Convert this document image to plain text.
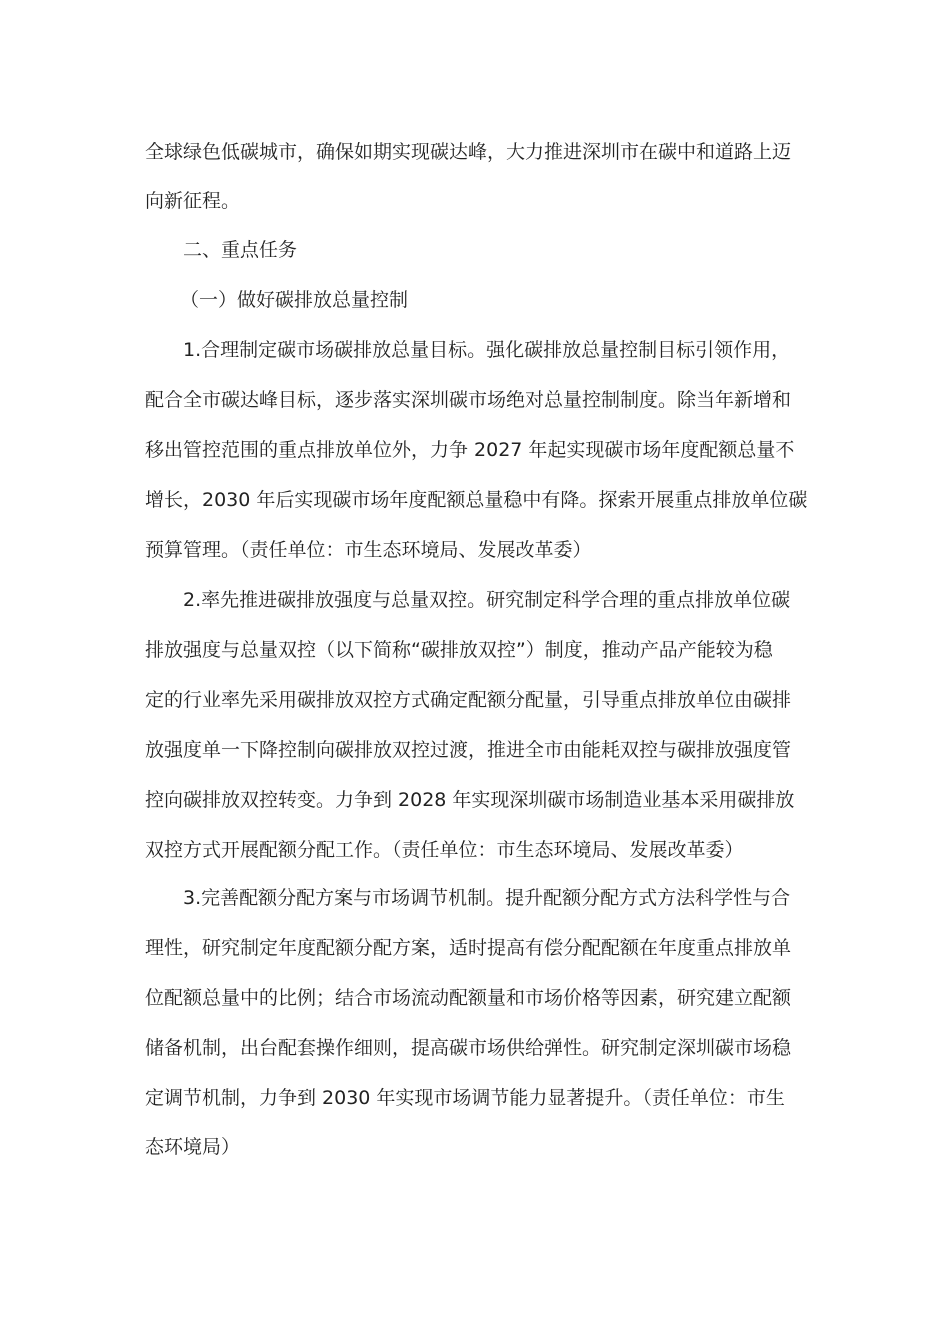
全球绿色低碳城市，确保如期实现碳达峰，大力推进深圳市在碳中和道路上迈
向新征程。
二、重点任务
（一）做好碳排放总量控制
1.合理制定碳市场碳排放总量目标。强化碳排放总量控制目标引领作用，
配合全市碳达峰目标，逐步落实深圳碳市场绝对总量控制制度。除当年新增和
移出管控范围的重点排放单位外，力争 2027 年起实现碳市场年度配额总量不
增长，2030 年后实现碳市场年度配额总量稳中有降。探索开展重点排放单位碳
预算管理。（责任单位：市生态环境局、发展改革委）
2.率先推进碳排放强度与总量双控。研究制定科学合理的重点排放单位碳
排放强度与总量双控（以下简称“碳排放双控”）制度，推动产品产能较为稳
定的行业率先采用碳排放双控方式确定配额分配量，引导重点排放单位由碳排
放强度单一下降控制向碳排放双控过渡，推进全市由能耗双控与碳排放强度管
控向碳排放双控转变。力争到 2028 年实现深圳碳市场制造业基本采用碳排放
双控方式开展配额分配工作。（责任单位：市生态环境局、发展改革委）
3.完善配额分配方案与市场调节机制。提升配额分配方式方法科学性与合
理性，研究制定年度配额分配方案，适时提高有偿分配配额在年度重点排放单
位配额总量中的比例；结合市场流动配额量和市场价格等因素，研究建立配额
储备机制，出台配套操作细则，提高碳市场供给弹性。研究制定深圳碳市场稳
定调节机制，力争到 2030 年实现市场调节能力显著提升。（责任单位：市生
态环境局）
